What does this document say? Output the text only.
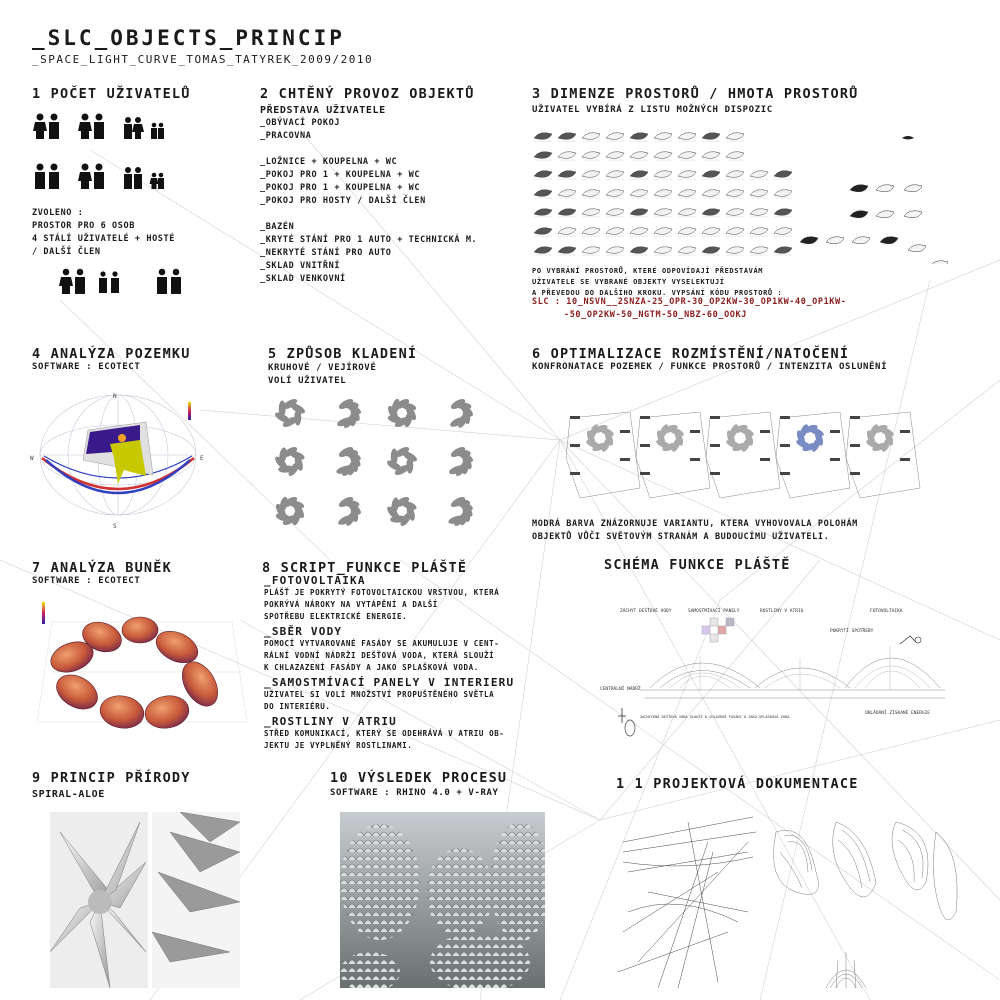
_SLC_OBJECTS_PRINCIP
_SPACE_LIGHT_CURVE_TOMAS_TATYREK_2009/2010
1 POČET UŽIVATELŮ
ZVOLENO :
PROSTOR PRO 6 OSOB
4 STÁLÍ UŽIVATELÉ + HOSTÉ
/ DALŠÍ ČLEN
2 CHTĚNÝ PROVOZ OBJEKTŮ
PŘEDSTAVA UŽIVATELE
_OBÝVACÍ POKOJ
_PRACOVNA

_LOŽNICE + KOUPELNA + WC
_POKOJ PRO 1 + KOUPELNA + WC
_POKOJ PRO 1 + KOUPELNA + WC
_POKOJ PRO HOSTY / DALŠÍ ČLEN

_BAZÉN
_KRYTÉ STÁNÍ PRO 1 AUTO + TECHNICKÁ M.
_NEKRYTÉ STÁNÍ PRO AUTO
_SKLAD VNITŘNÍ
_SKLAD VENKOVNÍ
3 DIMENZE PROSTORŮ / HMOTA PROSTORŮ
UŽIVATEL VYBÍRÁ Z LISTU MOŽNÝCH DISPOZIC
PO VYBRÁNÍ PROSTORŮ, KTERÉ ODPOVÍDAJÍ PŘEDSTAVÁM
UŽIVATELE SE VYBRANÉ OBJEKTY VYSELEKTUJÍ
A PŘEVEDOU DO DALŠÍHO KROKU. VYPSÁNÍ KÓDU PROSTORŮ :
SLC : 10_NSVN__2SNZA-25_OPR-30_OP2KW-30_OP1KW-40_OP1KW-
-50_OP2KW-50_NGTM-50_NBZ-60_OOKJ
4 ANALÝZA POZEMKU
SOFTWARE : ECOTECT
N
E
S
W
5 ZPŮSOB KLADENÍ
KRUHOVÉ / VEJÍROVÉ
VOLÍ UŽIVATEL
6 OPTIMALIZACE ROZMÍSTĚNÍ/NATOČENÍ
KONFRONATACE POZEMEK / FUNKCE PROSTORŮ / INTENZITA OSLUNĚNÍ
MODRÁ BARVA ZNÁZORNUJE VARIANTU, KTERA VYHOVOVALA POLOHÁM
OBJEKTŮ VŮČI SVĚTOVÝM STRANÁM A BUDOUCÍMU UŽIVATELI.
7 ANALÝZA BUNĚK
SOFTWARE : ECOTECT
8 SCRIPT_FUNKCE PLÁŠTĚ
_FOTOVOLTAIKA
PLÁŠŤ JE POKRYTÝ FOTOVOLTAICKOU VRSTVOU, KTERÁ
POKRÝVÁ NÁROKY NA VYTÁPĚNÍ A DALŠÍ
SPOTŘEBU ELEKTRICKÉ ENERGIE.
_SBĚR VODY
POMOCÍ VYTVAROVANÉ FASÁDY SE AKUMULUJE V CENT-
RÁLNÍ VODNÍ NÁDRŽI DEŠŤOVÁ VODA, KTERÁ SLOUŽÍ
K CHLAZAZENÍ FASÁDY A JAKO SPLAŠKOVÁ VODA.
_SAMOSTMÍVACÍ PANELY V INTERIERU
UŽIVATEL SI VOLÍ MNOŽSTVÍ PROPUŠTĚNÉHO SVĚTLA
DO INTERIÉRU.
_ROSTLINY V ATRIU
STŘED KOMUNIKACÍ, KTERÝ SE ODEHRÁVÁ V ATRIU OB-
JEKTU JE VYPLNĚNÝ ROSTLINAMI.
SCHÉMA FUNKCE PLÁŠTĚ
ZÁCHYT DEŠŤOVÉ VODY	SAMOSTMÍVACÍ PANELY	ROSTLINY V ATRIU	FOTOVOLTAIKA
POKRYTÍ SPOTŘEBY
CENTRÁLNÍ NÁDRŽ
UKLÁDÁNÍ ZÍSKANÉ ENERGIE
ZACHYCENÁ DEŠŤOVÁ VODA SLOUŽÍ K CHLAZENÍ FASÁDY A JAKO SPLAŠKOVÁ VODA
9 PRINCIP PŘÍRODY
SPIRAL-ALOE
10 VÝSLEDEK PROCESU
SOFTWARE : RHINO 4.0 + V-RAY
1 1 PROJEKTOVÁ DOKUMENTACE
